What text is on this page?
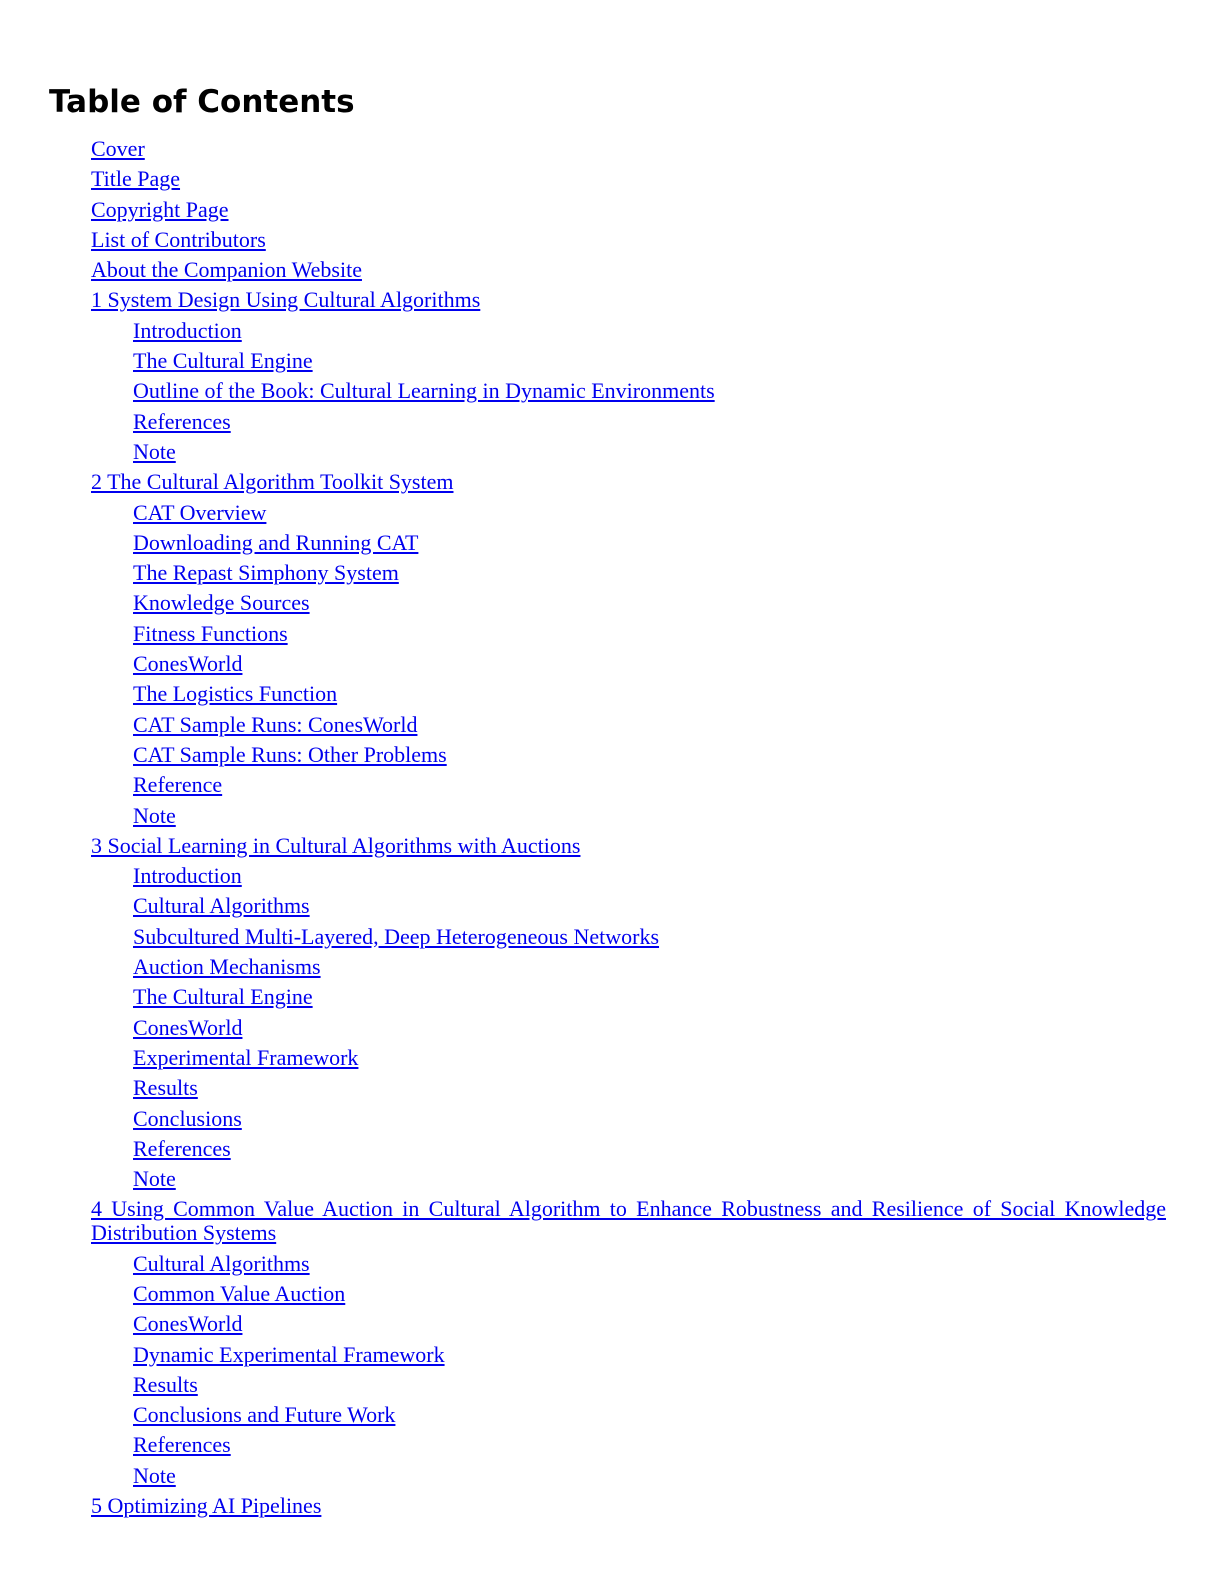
Table of Contents
Cover
Title Page
Copyright Page
List of Contributors
About the Companion Website
1 System Design Using Cultural Algorithms
Introduction
The Cultural Engine
Outline of the Book: Cultural Learning in Dynamic Environments
References
Note
2 The Cultural Algorithm Toolkit System
CAT Overview
Downloading and Running CAT
The Repast Simphony System
Knowledge Sources
Fitness Functions
ConesWorld
The Logistics Function
CAT Sample Runs: ConesWorld
CAT Sample Runs: Other Problems
Reference
Note
3 Social Learning in Cultural Algorithms with Auctions
Introduction
Cultural Algorithms
Subcultured Multi-Layered, Deep Heterogeneous Networks
Auction Mechanisms
The Cultural Engine
ConesWorld
Experimental Framework
Results
Conclusions
References
Note
4 Using Common Value Auction in Cultural Algorithm to Enhance Robustness and Resilience of Social Knowledge Distribution Systems
Cultural Algorithms
Common Value Auction
ConesWorld
Dynamic Experimental Framework
Results
Conclusions and Future Work
References
Note
5 Optimizing AI Pipelines
